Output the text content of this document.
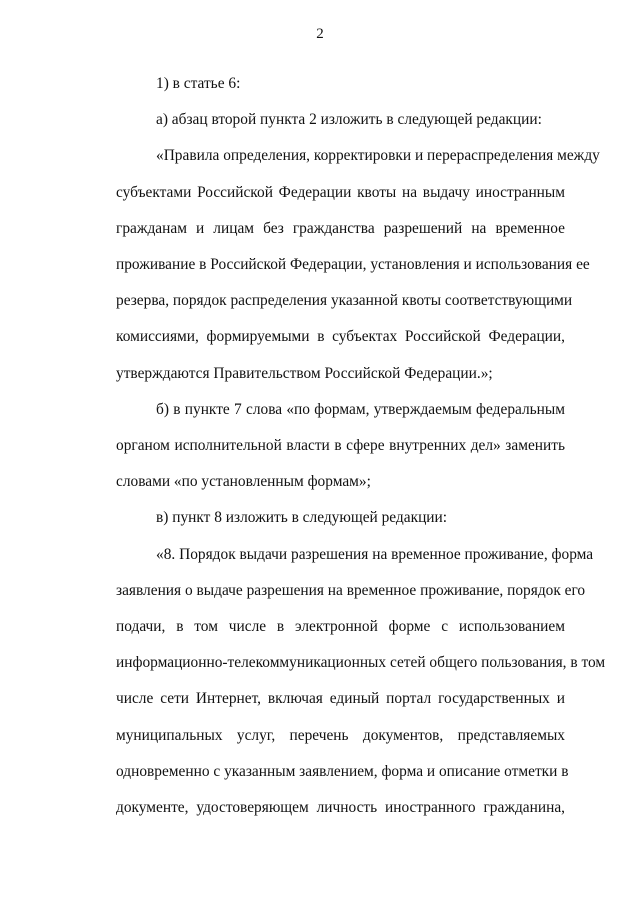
2
1) в статье 6:
а) абзац второй пункта 2 изложить в следующей редакции:
«Правила определения, корректировки и перераспределения между
субъектами Российской Федерации квоты на выдачу иностранным
гражданам и лицам без гражданства разрешений на временное
проживание в Российской Федерации, установления и использования ее
резерва, порядок распределения указанной квоты соответствующими
комиссиями, формируемыми в субъектах Российской Федерации,
утверждаются Правительством Российской Федерации.»;
б) в пункте 7 слова «по формам, утверждаемым федеральным
органом исполнительной власти в сфере внутренних дел» заменить
словами «по установленным формам»;
в) пункт 8 изложить в следующей редакции:
«8. Порядок выдачи разрешения на временное проживание, форма
заявления о выдаче разрешения на временное проживание, порядок его
подачи, в том числе в электронной форме с использованием
информационно-телекоммуникационных сетей общего пользования, в том
числе сети Интернет, включая единый портал государственных и
муниципальных услуг, перечень документов, представляемых
одновременно с указанным заявлением, форма и описание отметки в
документе, удостоверяющем личность иностранного гражданина,
